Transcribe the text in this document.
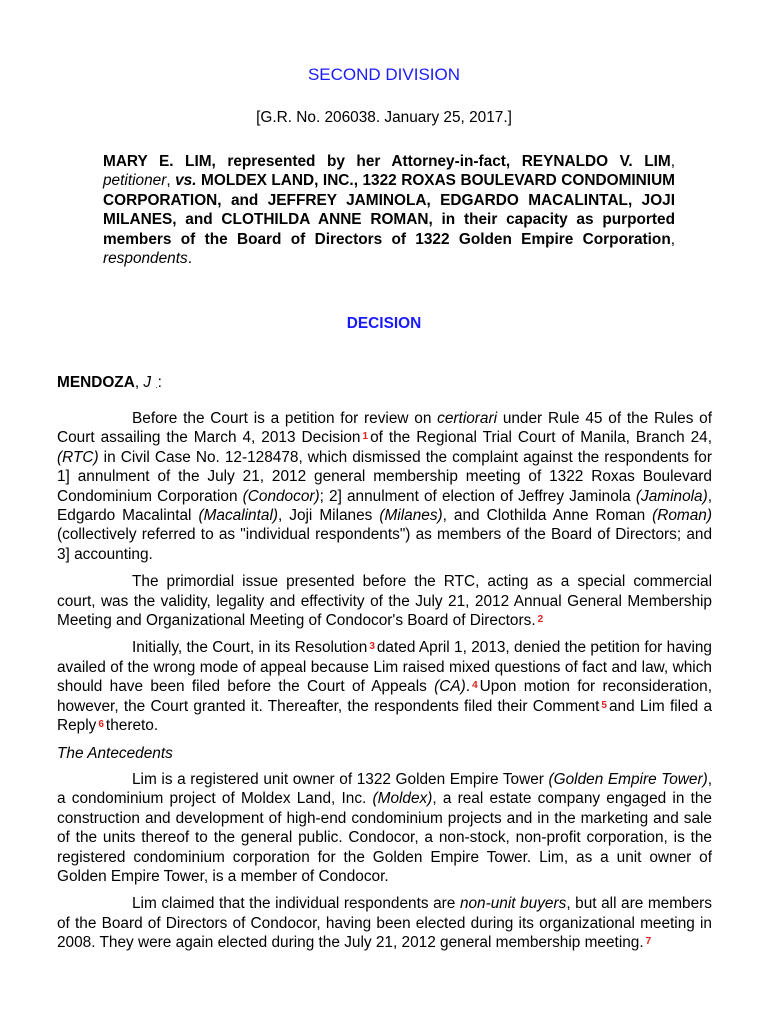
SECOND DIVISION
[G.R. No. 206038. January 25, 2017.]
MARY E. LIM, represented by her Attorney-in-fact, REYNALDO V. LIM, petitioner, vs. MOLDEX LAND, INC., 1322 ROXAS BOULEVARD CONDOMINIUM CORPORATION, and JEFFREY JAMINOLA, EDGARDO MACALINTAL, JOJI MILANES, and CLOTHILDA ANNE ROMAN, in their capacity as purported members of the Board of Directors of 1322 Golden Empire Corporation, respondents.
DECISION
MENDOZA, J .:

Before the Court is a petition for review on certiorari under Rule 45 of the Rules of Court assailing the March 4, 2013 Decision $^1$ of the Regional Trial Court of Manila, Branch 24, (RTC) in Civil Case No. 12-128478, which dismissed the complaint against the respondents for 1] annulment of the July 21, 2012 general membership meeting of 1322 Roxas Boulevard Condominium Corporation (Condocor); 2] annulment of election of Jeffrey Jaminola (Jaminola), Edgardo Macalintal (Macalintal), Joji Milanes (Milanes), and Clothilda Anne Roman (Roman) (collectively referred to as "individual respondents") as members of the Board of Directors; and 3] accounting.

The primordial issue presented before the RTC, acting as a special commercial court, was the validity, legality and effectivity of the July 21, 2012 Annual General Membership Meeting and Organizational Meeting of Condocor's Board of Directors. $^2$

Initially, the Court, in its Resolution $^3$ dated April 1, 2013, denied the petition for having availed of the wrong mode of appeal because Lim raised mixed questions of fact and law, which should have been filed before the Court of Appeals (CA). $^4$ Upon motion for reconsideration, however, the Court granted it. Thereafter, the respondents filed their Comment $^5$ and Lim filed a Reply $^6$ thereto.

The Antecedents

Lim is a registered unit owner of 1322 Golden Empire Tower (Golden Empire Tower), a condominium project of Moldex Land, Inc. (Moldex), a real estate company engaged in the construction and development of high-end condominium projects and in the marketing and sale of the units thereof to the general public. Condocor, a non-stock, non-profit corporation, is the registered condominium corporation for the Golden Empire Tower. Lim, as a unit owner of Golden Empire Tower, is a member of Condocor.

Lim claimed that the individual respondents are non-unit buyers, but all are members of the Board of Directors of Condocor, having been elected during its organizational meeting in 2008. They were again elected during the July 21, 2012 general membership meeting. $^7$
